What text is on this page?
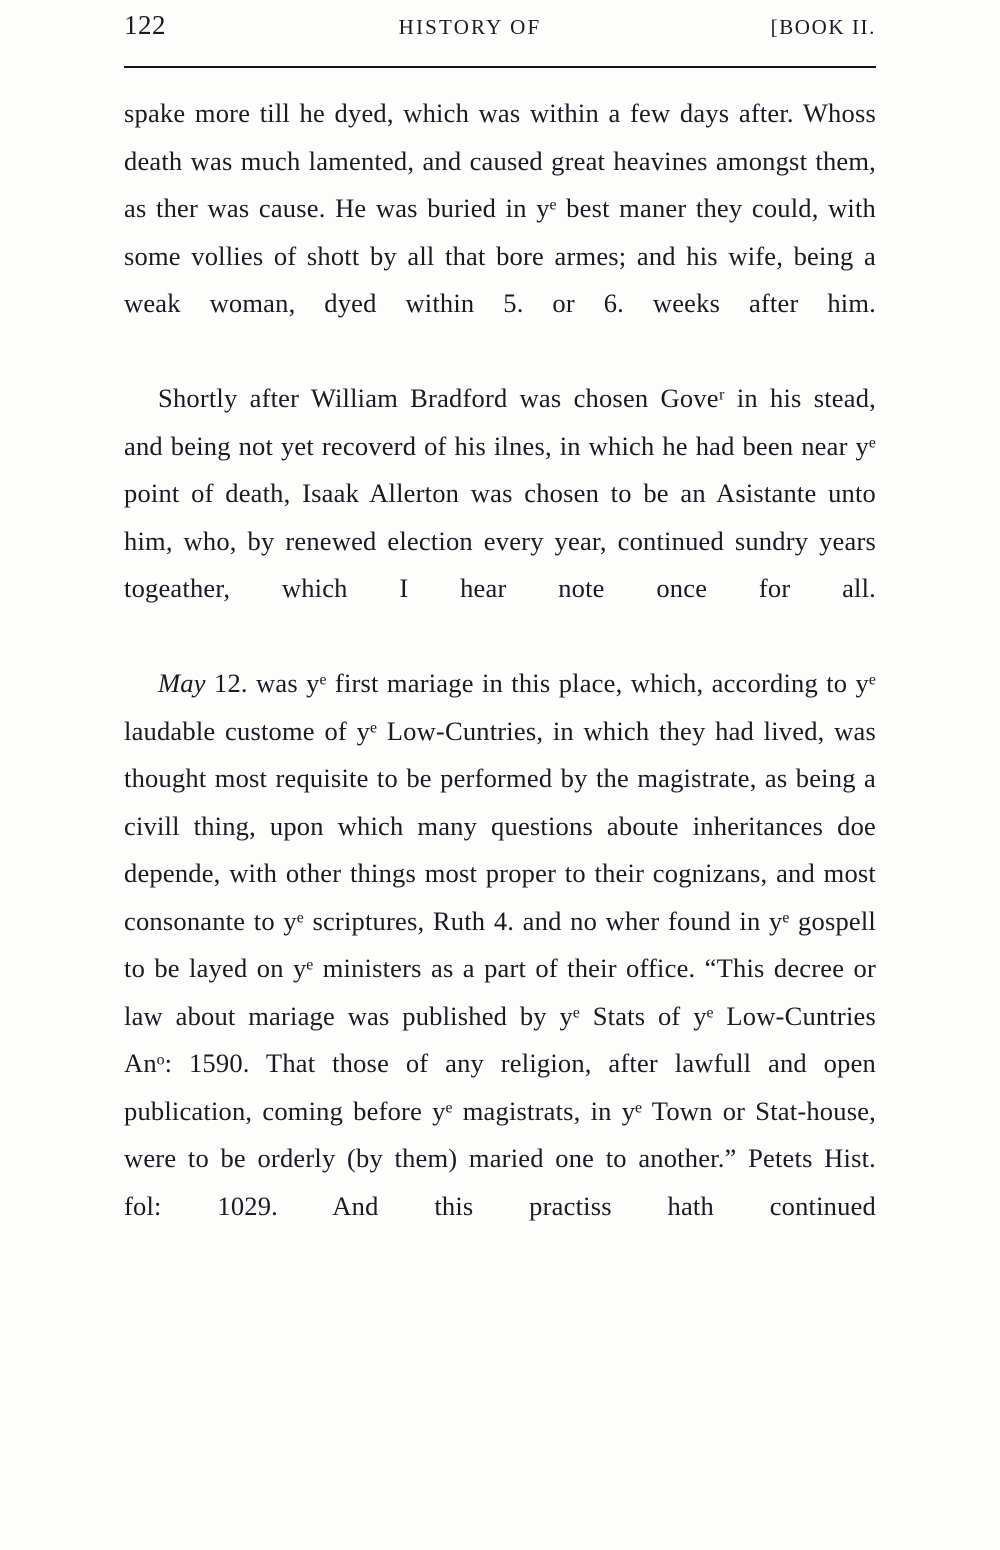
122	HISTORY OF	[BOOK II.

spake more till he dyed, which was within a few days after. Whoss death was much lamented, and caused great heavines amongst them, as ther was cause. He was buried in yᵉ best maner they could, with some vollies of shott by all that bore armes; and his wife, being a weak woman, dyed within 5. or 6. weeks after him.

Shortly after William Bradford was chosen Goveʳ in his stead, and being not yet recoverd of his ilnes, in which he had been near yᵉ point of death, Isaak Allerton was chosen to be an Asistante unto him, who, by renewed election every year, continued sundry years togeather, which I hear note once for all.

May 12. was yᵉ first mariage in this place, which, according to yᵉ laudable custome of yᵉ Low-Cuntries, in which they had lived, was thought most requisite to be performed by the magistrate, as being a civill thing, upon which many questions aboute inheritances doe depende, with other things most proper to their cognizans, and most consonante to yᵉ scriptures, Ruth 4. and no wher found in yᵉ gospell to be layed on yᵉ ministers as a part of their office. “This decree or law about mariage was published by yᵉ Stats of yᵉ Low-Cuntries Anᵒ: 1590. That those of any religion, after lawfull and open publication, coming before yᵉ magistrats, in yᵉ Town or Stat-house, were to be orderly (by them) maried one to another.” Petets Hist. fol: 1029. And this practiss hath continued
